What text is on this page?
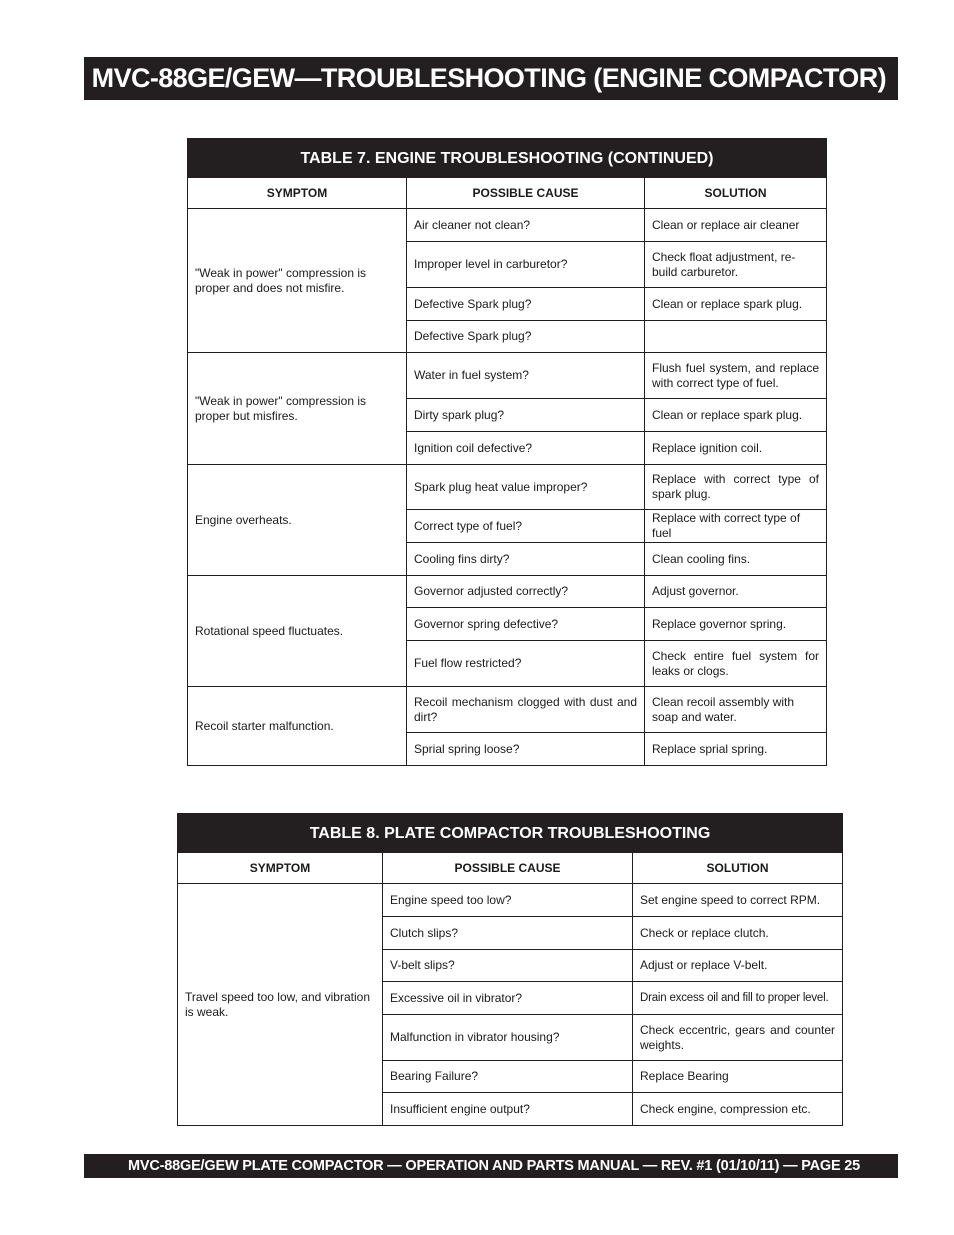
MVC-88GE/GEW—TROUBLESHOOTING (ENGINE COMPACTOR)
TABLE 7. ENGINE TROUBLESHOOTING (CONTINUED)		
SYMPTOM	POSSIBLE CAUSE	SOLUTION
"Weak in power" compression is proper and does not misfire.	Air cleaner not clean?	Clean or replace air cleaner
	Improper level in carburetor?	Check float adjustment, re-build carburetor.
	Defective Spark plug?	Clean or replace spark plug.
	Defective Spark plug?	
"Weak in power" compression is proper but misfires.	Water in fuel system?	Flush fuel system, and replace with correct type of fuel.
	Dirty spark plug?	Clean or replace spark plug.
	Ignition coil defective?	Replace ignition coil.
Engine overheats.	Spark plug heat value improper?	Replace with correct type of spark plug.
	Correct type of fuel?	Replace with correct type of fuel
	Cooling fins dirty?	Clean cooling fins.
Rotational speed fluctuates.	Governor adjusted correctly?	Adjust governor.
	Governor spring defective?	Replace governor spring.
	Fuel flow restricted?	Check entire fuel system for leaks or clogs.
Recoil starter malfunction.	Recoil mechanism clogged with dust and dirt?	Clean recoil assembly with soap and water.
	Sprial spring loose?	Replace sprial spring.
TABLE 8. PLATE COMPACTOR TROUBLESHOOTING		
SYMPTOM	POSSIBLE CAUSE	SOLUTION
Travel speed too low, and vibration is weak.	Engine speed too low?	Set engine speed to correct RPM.
	Clutch slips?	Check or replace clutch.
	V-belt slips?	Adjust or replace V-belt.
	Excessive oil in vibrator?	Drain excess oil and fill to proper level.
	Malfunction in vibrator housing?	Check eccentric, gears and counter weights.
	Bearing Failure?	Replace Bearing
	Insufficient engine output?	Check engine, compression etc.
MVC-88GE/GEW PLATE COMPACTOR — OPERATION AND PARTS MANUAL — REV. #1 (01/10/11) — PAGE 25
